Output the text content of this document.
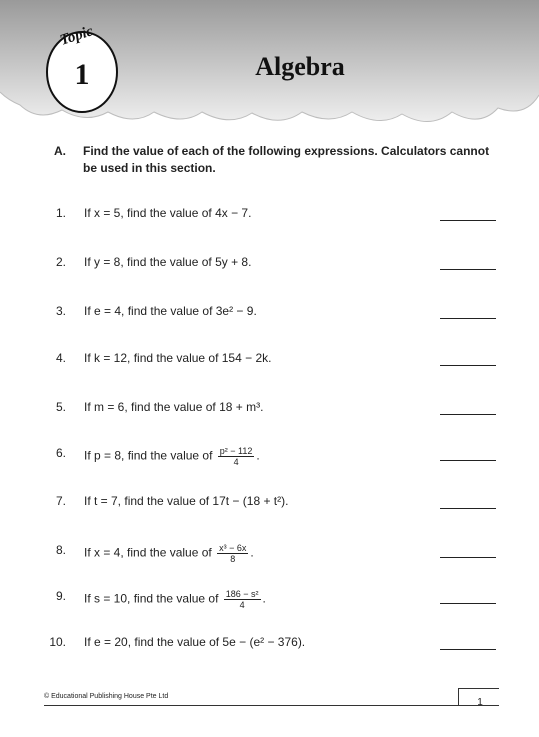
Topic
1	Algebra
A. Find the value of each of the following expressions. Calculators cannot be used in this section.
1. If x = 5, find the value of 4x − 7.
2. If y = 8, find the value of 5y + 8.
3. If e = 4, find the value of 3e² − 9.
4. If k = 12, find the value of 154 − 2k.
5. If m = 6, find the value of 18 + m³.
6. If p = 8, find the value of $\frac{\text{p² − 112}}{4}$ .
7. If t = 7, find the value of 17t − (18 + t²).
8. If x = 4, find the value of $\frac{\text{x³ − 6x}}{8}$ .
9. If s = 10, find the value of $\frac{\text{186 − s²}}{4}$ .
10. If e = 20, find the value of 5e − (e² − 376).
© Educational Publishing House Pte Ltd
1
